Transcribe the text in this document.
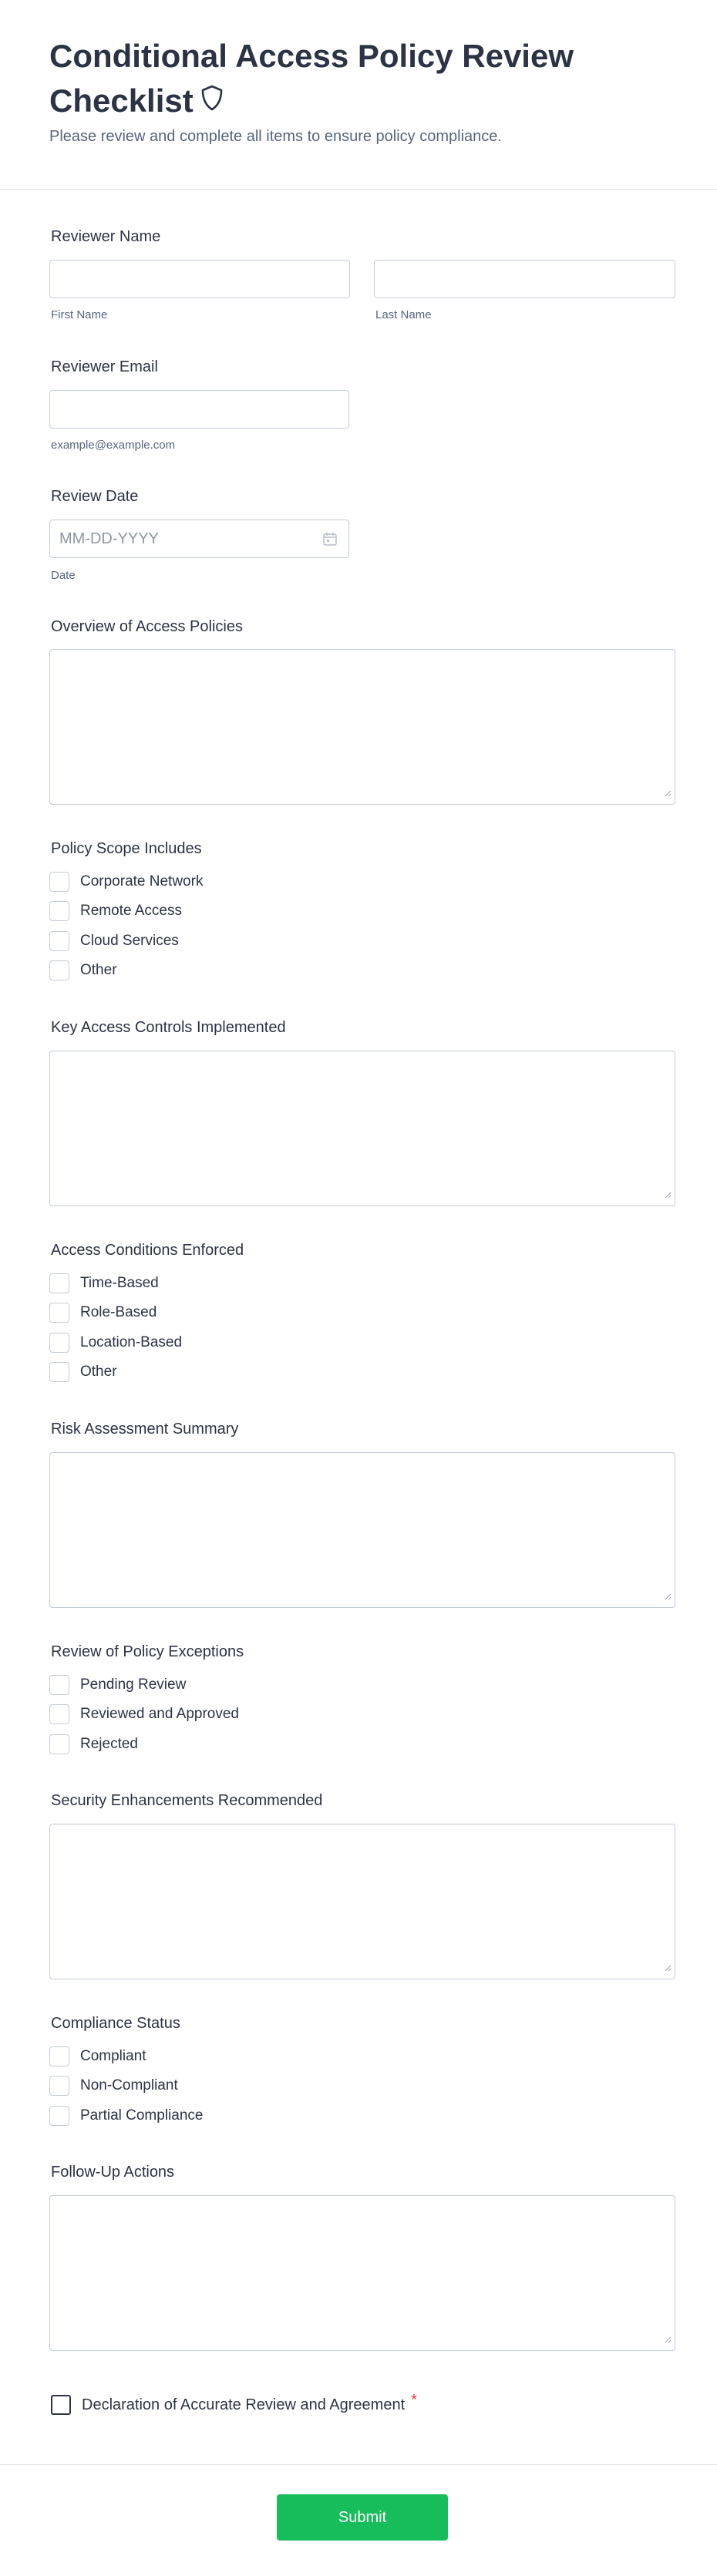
Conditional Access Policy Review Checklist
Please review and complete all items to ensure policy compliance.
Reviewer Name
First Name	Last Name
Reviewer Email
example@example.com
Review Date
MM-DD-YYYY
Date
Overview of Access Policies
Policy Scope Includes
Corporate Network
Remote Access
Cloud Services
Other
Key Access Controls Implemented
Access Conditions Enforced
Time-Based
Role-Based
Location-Based
Other
Risk Assessment Summary
Review of Policy Exceptions
Pending Review
Reviewed and Approved
Rejected
Security Enhancements Recommended
Compliance Status
Compliant
Non-Compliant
Partial Compliance
Follow-Up Actions
Declaration of Accurate Review and Agreement *
Submit
